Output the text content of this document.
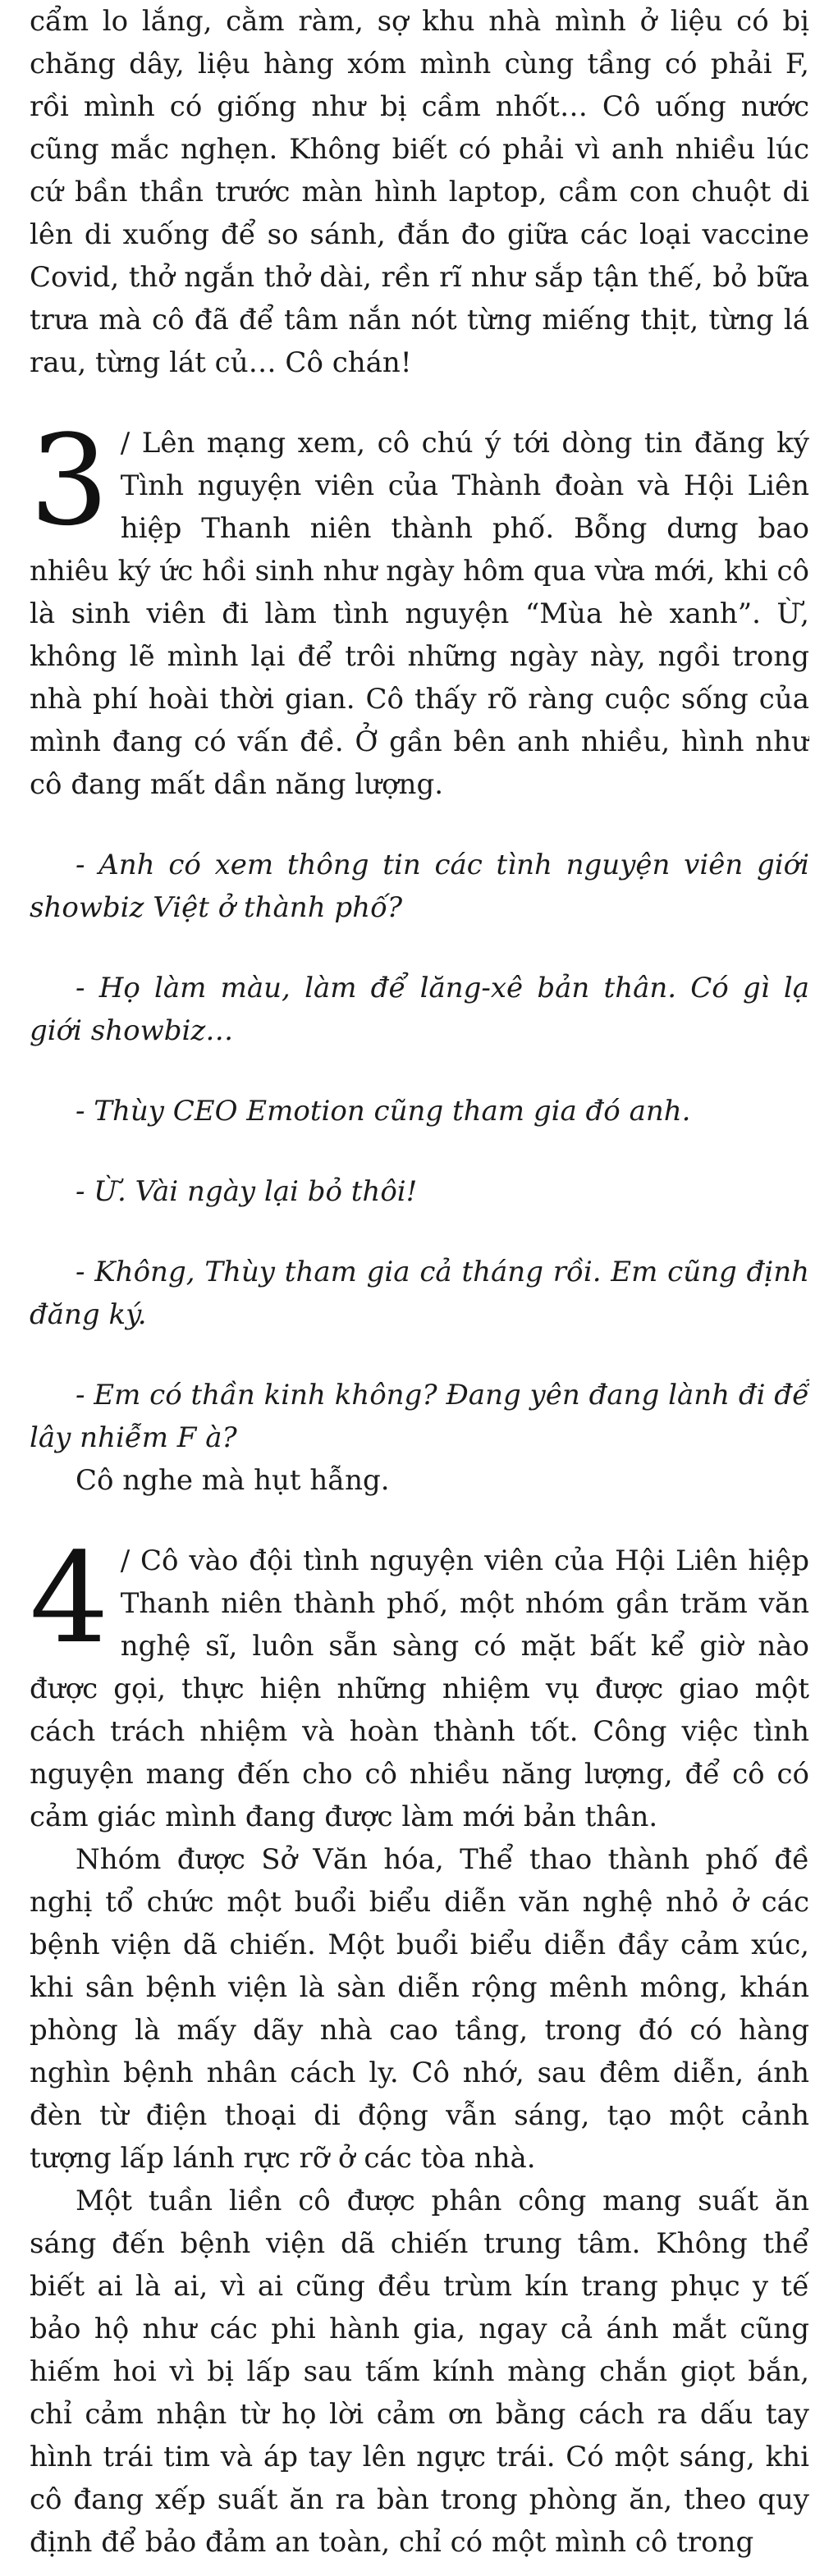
cẩm lo lắng, cằm ràm, sợ khu nhà mình ở liệu có bị chăng dây, liệu hàng xóm mình cùng tầng có phải F, rồi mình có giống như bị cầm nhốt… Cô uống nước cũng mắc nghẹn. Không biết có phải vì anh nhiều lúc cứ bần thần trước màn hình laptop, cầm con chuột di lên di xuống để so sánh, đắn đo giữa các loại vaccine Covid, thở ngắn thở dài, rền rĩ như sắp tận thế, bỏ bữa trưa mà cô đã để tâm nắn nót từng miếng thịt, từng lá rau, từng lát củ… Cô chán!

3 / Lên mạng xem, cô chú ý tới dòng tin đăng ký Tình nguyện viên của Thành đoàn và Hội Liên hiệp Thanh niên thành phố. Bỗng dưng bao nhiêu ký ức hồi sinh như ngày hôm qua vừa mới, khi cô là sinh viên đi làm tình nguyện “Mùa hè xanh”. Ừ, không lẽ mình lại để trôi những ngày này, ngồi trong nhà phí hoài thời gian. Cô thấy rõ ràng cuộc sống của mình đang có vấn đề. Ở gần bên anh nhiều, hình như cô đang mất dần năng lượng.

- Anh có xem thông tin các tình nguyện viên giới showbiz Việt ở thành phố?

- Họ làm màu, làm để lăng-xê bản thân. Có gì lạ giới showbiz…

- Thùy CEO Emotion cũng tham gia đó anh.

- Ừ. Vài ngày lại bỏ thôi!

- Không, Thùy tham gia cả tháng rồi. Em cũng định đăng ký.

- Em có thần kinh không? Đang yên đang lành đi để lây nhiễm F à?

Cô nghe mà hụt hẫng.

4 / Cô vào đội tình nguyện viên của Hội Liên hiệp Thanh niên thành phố, một nhóm gần trăm văn nghệ sĩ, luôn sẵn sàng có mặt bất kể giờ nào được gọi, thực hiện những nhiệm vụ được giao một cách trách nhiệm và hoàn thành tốt. Công việc tình nguyện mang đến cho cô nhiều năng lượng, để cô có cảm giác mình đang được làm mới bản thân.

Nhóm được Sở Văn hóa, Thể thao thành phố đề nghị tổ chức một buổi biểu diễn văn nghệ nhỏ ở các bệnh viện dã chiến. Một buổi biểu diễn đầy cảm xúc, khi sân bệnh viện là sàn diễn rộng mênh mông, khán phòng là mấy dãy nhà cao tầng, trong đó có hàng nghìn bệnh nhân cách ly. Cô nhớ, sau đêm diễn, ánh đèn từ điện thoại di động vẫn sáng, tạo một cảnh tượng lấp lánh rực rỡ ở các tòa nhà.

Một tuần liền cô được phân công mang suất ăn sáng đến bệnh viện dã chiến trung tâm. Không thể biết ai là ai, vì ai cũng đều trùm kín trang phục y tế bảo hộ như các phi hành gia, ngay cả ánh mắt cũng hiếm hoi vì bị lấp sau tấm kính màng chắn giọt bắn, chỉ cảm nhận từ họ lời cảm ơn bằng cách ra dấu tay hình trái tim và áp tay lên ngực trái. Có một sáng, khi cô đang xếp suất ăn ra bàn trong phòng ăn, theo quy định để bảo đảm an toàn, chỉ có một mình cô trong
